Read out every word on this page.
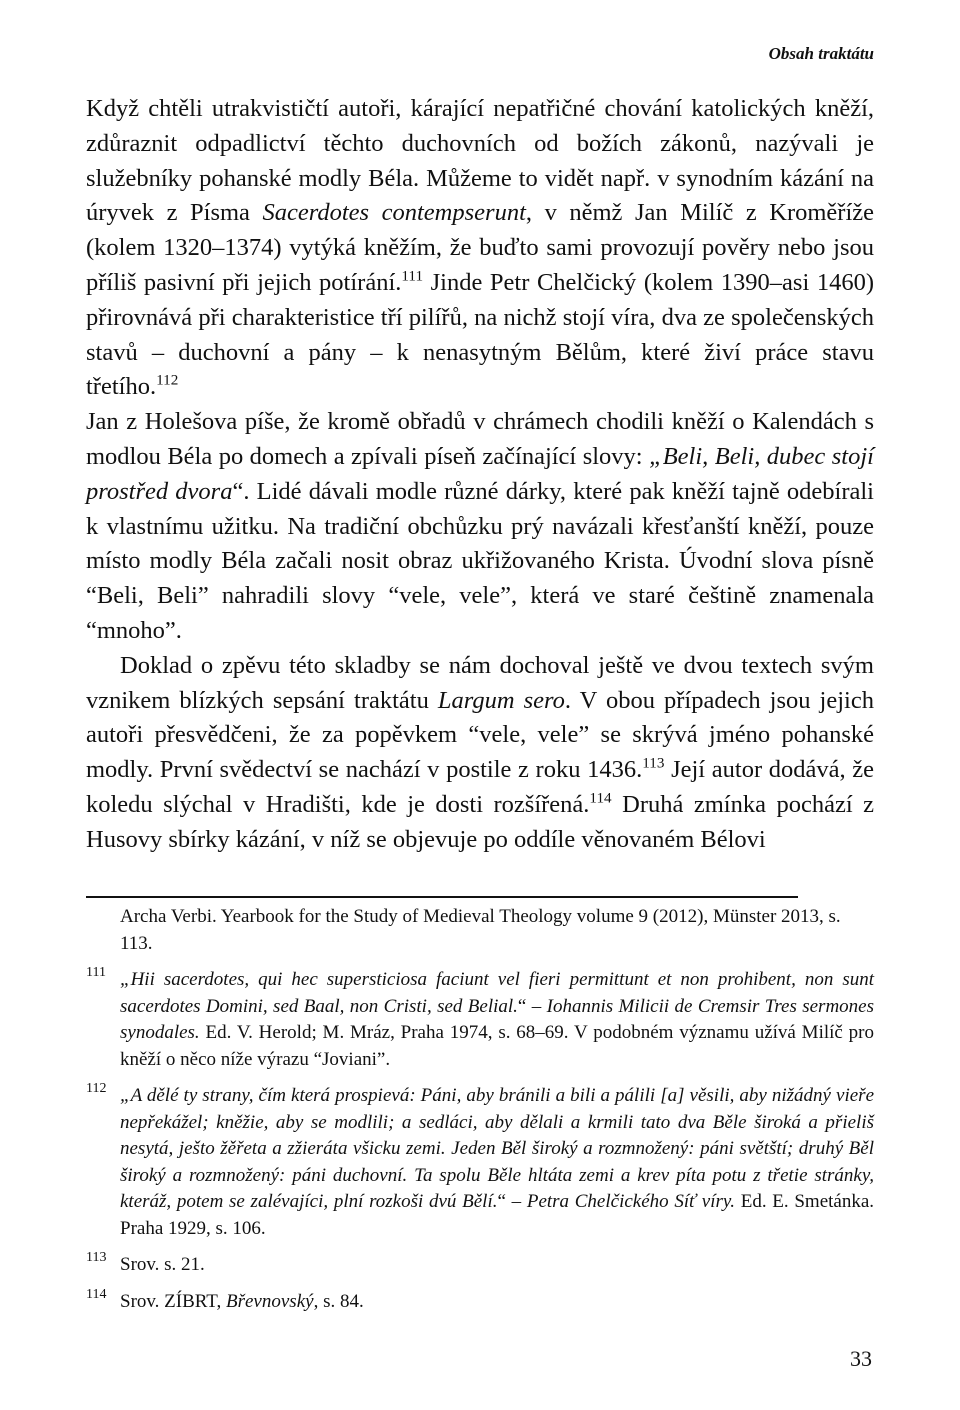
Obsah traktátu

Když chtěli utrakvističtí autoři, kárající nepatřičné chování katolických kněží, zdůraznit odpadlictví těchto duchovních od božích zákonů, nazývali je služebníky pohanské modly Béla. Můžeme to vidět např. v synodním kázání na úryvek z Písma Sacerdotes contempserunt, v němž Jan Milíč z Kroměříže (kolem 1320–1374) vytýká kněžím, že buďto sami provozují pověry nebo jsou příliš pasivní při jejich potírání.$^{111}$ Jinde Petr Chelčický (kolem 1390–asi 1460) přirovnává při charakteristice tří pilířů, na nichž stojí víra, dva ze společenských stavů – duchovní a pány – k nenasytným Bělům, které živí práce stavu třetího.$^{112}$

Jan z Holešova píše, že kromě obřadů v chrámech chodili kněží o Kalendách s modlou Béla po domech a zpívali píseň začínající slovy: „Beli, Beli, dubec stojí prostřed dvora“. Lidé dávali modle různé dárky, které pak kněží tajně odebírali k vlastnímu užitku. Na tradiční obchůzku prý navázali křesťanští kněží, pouze místo modly Béla začali nosit obraz ukřižovaného Krista. Úvodní slova písně “Beli, Beli” nahradili slovy “vele, vele”, která ve staré češtině znamenala “mnoho”.

Doklad o zpěvu této skladby se nám dochoval ještě ve dvou textech svým vznikem blízkých sepsání traktátu Largum sero. V obou případech jsou jejich autoři přesvědčeni, že za popěvkem “vele, vele” se skrývá jméno pohanské modly. První svědectví se nachází v postile z roku 1436.$^{113}$ Její autor dodává, že koledu slýchal v Hradišti, kde je dosti rozšířená.$^{114}$ Druhá zmínka pochází z Husovy sbírky kázání, v níž se objevuje po oddíle věnovaném Bélovi

Archa Verbi. Yearbook for the Study of Medieval Theology volume 9 (2012), Münster 2013, s. 113.
111 „Hii sacerdotes, qui hec supersticiosa faciunt vel fieri permittunt et non prohibent, non sunt sacerdotes Domini, sed Baal, non Cristi, sed Belial.“ – Iohannis Milicii de Cremsir Tres sermones synodales. Ed. V. Herold; M. Mráz, Praha 1974, s. 68–69. V podobném významu užívá Milíč pro kněží o něco níže výrazu “Joviani”.
112 „A dělé ty strany, čím která prospievá: Páni, aby bránili a bili a pálili [a] věsili, aby nižádný vieře nepřekážel; kněžie, aby se modlili; a sedláci, aby dělali a krmili tato dva Běle široká a přieliš nesytá, ješto žěřeta a zžieráta všicku zemi. Jeden Běl široký a rozmnožený: páni světští; druhý Běl široký a rozmnožený: páni duchovní. Ta spolu Běle hltáta zemi a krev píta potu z třetie stránky, kteráž, potem se zalévajíci, plní rozkoši dvú Bělí.“ – Petra Chelčického Síť víry. Ed. E. Smetánka. Praha 1929, s. 106.
113 Srov. s. 21.
114 Srov. ZÍBRT, Břevnovský, s. 84.
33
